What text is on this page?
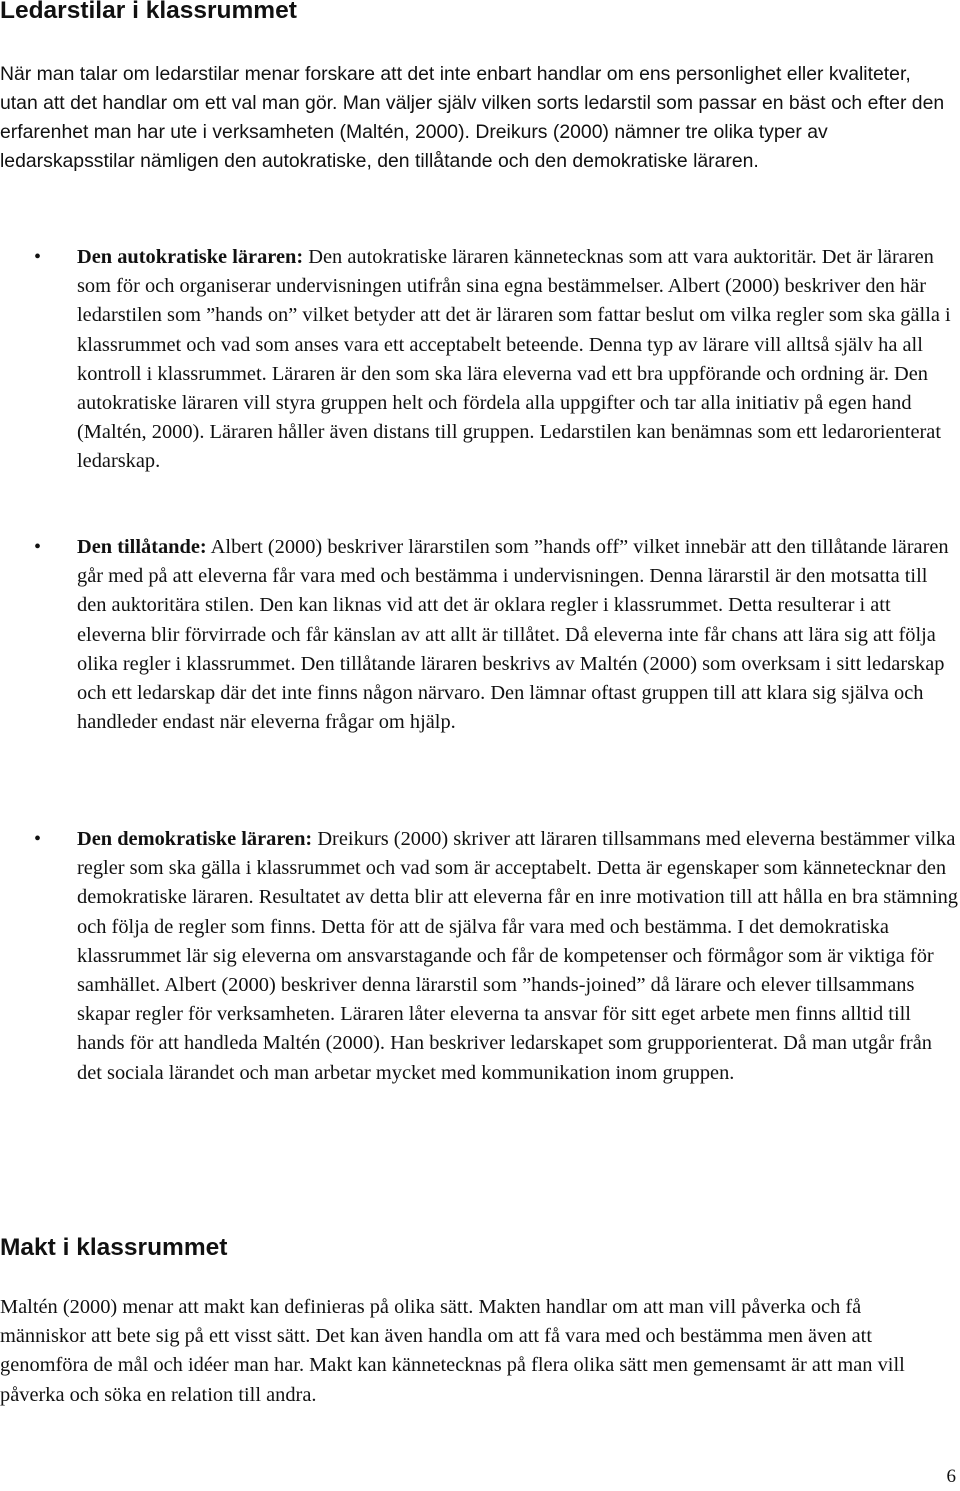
Ledarstilar i klassrummet

När man talar om ledarstilar menar forskare att det inte enbart handlar om ens personlighet eller kvaliteter, utan att det handlar om ett val man gör. Man väljer själv vilken sorts ledarstil som passar en bäst och efter den erfarenhet man har ute i verksamheten (Maltén, 2000). Dreikurs (2000) nämner tre olika typer av ledarskapsstilar nämligen den autokratiske, den tillåtande och den demokratiske läraren.

• Den autokratiske läraren: Den autokratiske läraren kännetecknas som att vara auktoritär. Det är läraren som för och organiserar undervisningen utifrån sina egna bestämmelser. Albert (2000) beskriver den här ledarstilen som ”hands on” vilket betyder att det är läraren som fattar beslut om vilka regler som ska gälla i klassrummet och vad som anses vara ett acceptabelt beteende. Denna typ av lärare vill alltså själv ha all kontroll i klassrummet. Läraren är den som ska lära eleverna vad ett bra uppförande och ordning är. Den autokratiske läraren vill styra gruppen helt och fördela alla uppgifter och tar alla initiativ på egen hand (Maltén, 2000). Läraren håller även distans till gruppen. Ledarstilen kan benämnas som ett ledarorienterat ledarskap.

• Den tillåtande: Albert (2000) beskriver lärarstilen som ”hands off” vilket innebär att den tillåtande läraren går med på att eleverna får vara med och bestämma i undervisningen. Denna lärarstil är den motsatta till den auktoritära stilen. Den kan liknas vid att det är oklara regler i klassrummet. Detta resulterar i att eleverna blir förvirrade och får känslan av att allt är tillåtet. Då eleverna inte får chans att lära sig att följa olika regler i klassrummet. Den tillåtande läraren beskrivs av Maltén (2000) som overksam i sitt ledarskap och ett ledarskap där det inte finns någon närvaro. Den lämnar oftast gruppen till att klara sig själva och handleder endast när eleverna frågar om hjälp.

• Den demokratiske läraren: Dreikurs (2000) skriver att läraren tillsammans med eleverna bestämmer vilka regler som ska gälla i klassrummet och vad som är acceptabelt. Detta är egenskaper som kännetecknar den demokratiske läraren. Resultatet av detta blir att eleverna får en inre motivation till att hålla en bra stämning och följa de regler som finns. Detta för att de själva får vara med och bestämma. I det demokratiska klassrummet lär sig eleverna om ansvarstagande och får de kompetenser och förmågor som är viktiga för samhället. Albert (2000) beskriver denna lärarstil som ”hands-joined” då lärare och elever tillsammans skapar regler för verksamheten. Läraren låter eleverna ta ansvar för sitt eget arbete men finns alltid till hands för att handleda Maltén (2000). Han beskriver ledarskapet som grupporienterat. Då man utgår från det sociala lärandet och man arbetar mycket med kommunikation inom gruppen.

Makt i klassrummet

Maltén (2000) menar att makt kan definieras på olika sätt. Makten handlar om att man vill påverka och få människor att bete sig på ett visst sätt. Det kan även handla om att få vara med och bestämma men även att genomföra de mål och idéer man har. Makt kan kännetecknas på flera olika sätt men gemensamt är att man vill påverka och söka en relation till andra.

6
